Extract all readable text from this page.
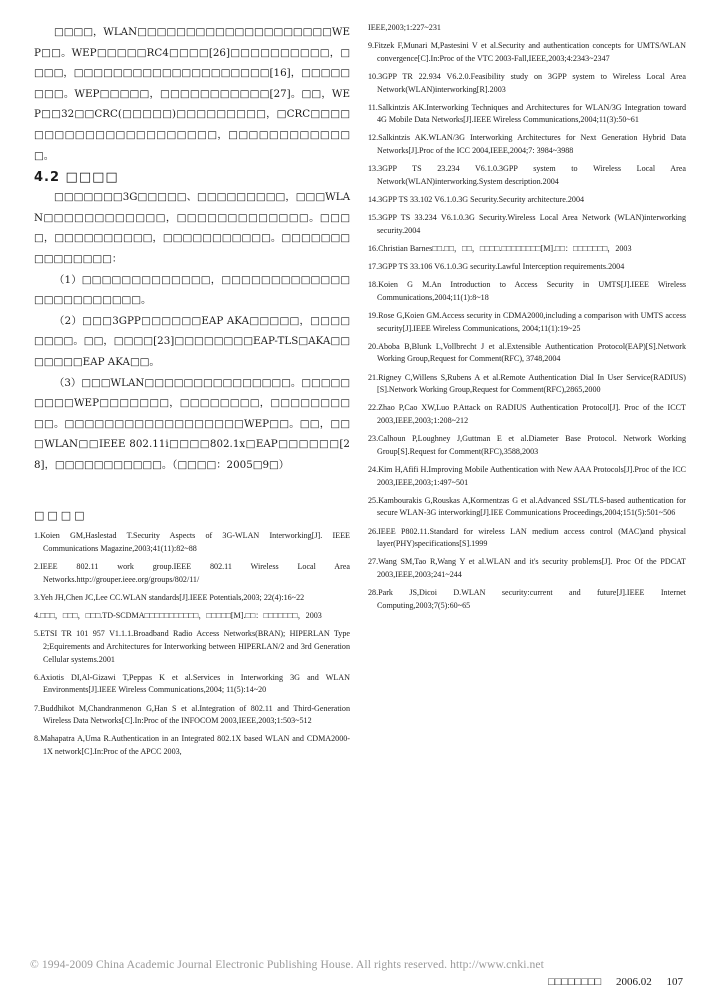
□□□□，WLAN□□□□□□□□□□□□□□□□□□□□WEP□□。WEP□□□□□RC4□□□□[26]□□□□□□□□□□，□□□□，□□□□□□□□□□□□□□□□□□□□[16]，□□□□□□□□。WEP□□□□□，□□□□□□□□□□□[27]。□□，WEP□□32□□CRC(□□□□□)□□□□□□□□□，□CRC□□□□□□□□□□□□□□□□□□□□□□，□□□□□□□□□□□□□。

4.2 □□□□

□□□□□□□3G□□□□□、□□□□□□□□□，□□□WLAN□□□□□□□□□□□□，□□□□□□□□□□□□□。□□□□，□□□□□□□□□□，□□□□□□□□□□□。□□□□□□□□□□□□□□□：

（1）□□□□□□□□□□□□□，□□□□□□□□□□□□□□□□□□□□□□□□。

（2）□□□3GPP□□□□□□EAP AKA□□□□□，□□□□□□□□。□□，□□□□[23]□□□□□□□□EAP-TLS□AKA□□□□□□□EAP AKA□□。

（3）□□□WLAN□□□□□□□□□□□□□□□。□□□□□□□□□WEP□□□□□□□，□□□□□□□□，□□□□□□□□□□。□□□□□□□□□□□□□□□□□□WEP□□。□□，□□□WLAN□□IEEE 802.11i□□□□802.1x□EAP□□□□□□[28]，□□□□□□□□□□□。（□□□□：2005□9□）

□□□□

1.Koien GM,Haslestad T.Security Aspects of 3G-WLAN Interworking[J]. IEEE Communications Magazine,2003;41(11):82~88

2.IEEE 802.11 work group.IEEE 802.11 Wireless Local Area Networks.http://grouper.ieee.org/groups/802/11/

3.Yeh JH,Chen JC,Lee CC.WLAN standards[J].IEEE Potentials,2003; 22(4):16~22

4.□□□，□□□，□□□.TD-SCDMA□□□□□□□□□□□，□□□□□[M].□□：□□□□□□□，2003

5.ETSI TR 101 957 V1.1.1.Broadband Radio Access Networks(BRAN); HIPERLAN Type 2;Equirements and Architectures for Interworking between HIPERLAN/2 and 3rd Generation Cellular systems.2001

6.Axiotis DI,Al-Gizawi T,Peppas K et al.Services in Interworking 3G and WLAN Environments[J].IEEE Wireless Communications,2004; 11(5):14~20

7.Buddhikot M,Chandranmenon G,Han S et al.Integration of 802.11 and Third-Generation Wireless Data Networks[C].In:Proc of the INFOCOM 2003,IEEE,2003;1:503~512

8.Mahapatra A,Uma R.Authentication in an Integrated 802.1X based WLAN and CDMA2000-1X network[C].In:Proc of the APCC 2003,

IEEE,2003;1:227~231

9.Fitzek F,Munari M,Pastesini V et al.Security and authentication concepts for UMTS/WLAN convergence[C].In:Proc of the VTC 2003-Fall,IEEE,2003;4:2343~2347

10.3GPP TR 22.934 V6.2.0.Feasibility study on 3GPP system to Wireless Local Area Network(WLAN)interworking[R].2003

11.Salkintzis AK.Interworking Techniques and Architectures for WLAN/3G Integration toward 4G Mobile Data Networks[J].IEEE Wireless Communications,2004;11(3):50~61

12.Salkintzis AK.WLAN/3G Interworking Architectures for Next Generation Hybrid Data Networks[J].Proc of the ICC 2004,IEEE,2004;7: 3984~3988

13.3GPP TS 23.234 V6.1.0.3GPP system to Wireless Local Area Network(WLAN)interworking.System description.2004

14.3GPP TS 33.102 V6.1.0.3G Security.Security architecture.2004

15.3GPP TS 33.234 V6.1.0.3G Security.Wireless Local Area Network (WLAN)interworking security.2004

16.Christian Barnes□□.□□，□□，□□□□.□□□□□□□□[M].□□：□□□□□□□，2003

17.3GPP TS 33.106 V6.1.0.3G security.Lawful Interception requirements.2004

18.Koien G M.An Introduction to Access Security in UMTS[J].IEEE Wireless Communications,2004;11(1):8~18

19.Rose G,Koien GM.Access security in CDMA2000,including a comparison with UMTS access security[J].IEEE Wireless Communications, 2004;11(1):19~25

20.Aboba B,Blunk L,Vollbrecht J et al.Extensible Authentication Protocol(EAP)[S].Network Working Group,Request for Comment(RFC), 3748,2004

21.Rigney C,Willens S,Rubens A et al.Remote Authentication Dial In User Service(RADIUS)[S].Network Working Group,Request for Comment(RFC),2865,2000

22.Zhao P,Cao XW,Luo P.Attack on RADIUS Authentication Protocol[J]. Proc of the ICCT 2003,IEEE,2003;1:208~212

23.Calhoun P,Loughney J,Guttman E et al.Diameter Base Protocol. Network Working Group[S].Request for Comment(RFC),3588,2003

24.Kim H,Afifi H.Improving Mobile Authentication with New AAA Protocols[J].Proc of the ICC 2003,IEEE,2003;1:497~501

25.Kambourakis G,Rouskas A,Kormentzas G et al.Advanced SSL/TLS-based authentication for secure WLAN-3G interworking[J].IEE Communications Proceedings,2004;151(5):501~506

26.IEEE P802.11.Standard for wireless LAN medium access control (MAC)and physical layer(PHY)specifications[S].1999

27.Wang SM,Tao R,Wang Y et al.WLAN and it's security problems[J]. Proc Of the PDCAT 2003,IEEE,2003;241~244

28.Park JS,Dicoi D.WLAN security:current and future[J].IEEE Internet Computing,2003;7(5):60~65

© 1994-2009 China Academic Journal Electronic Publishing House. All rights reserved. http://www.cnki.net
□□□□□□□□ 2006.02 107
